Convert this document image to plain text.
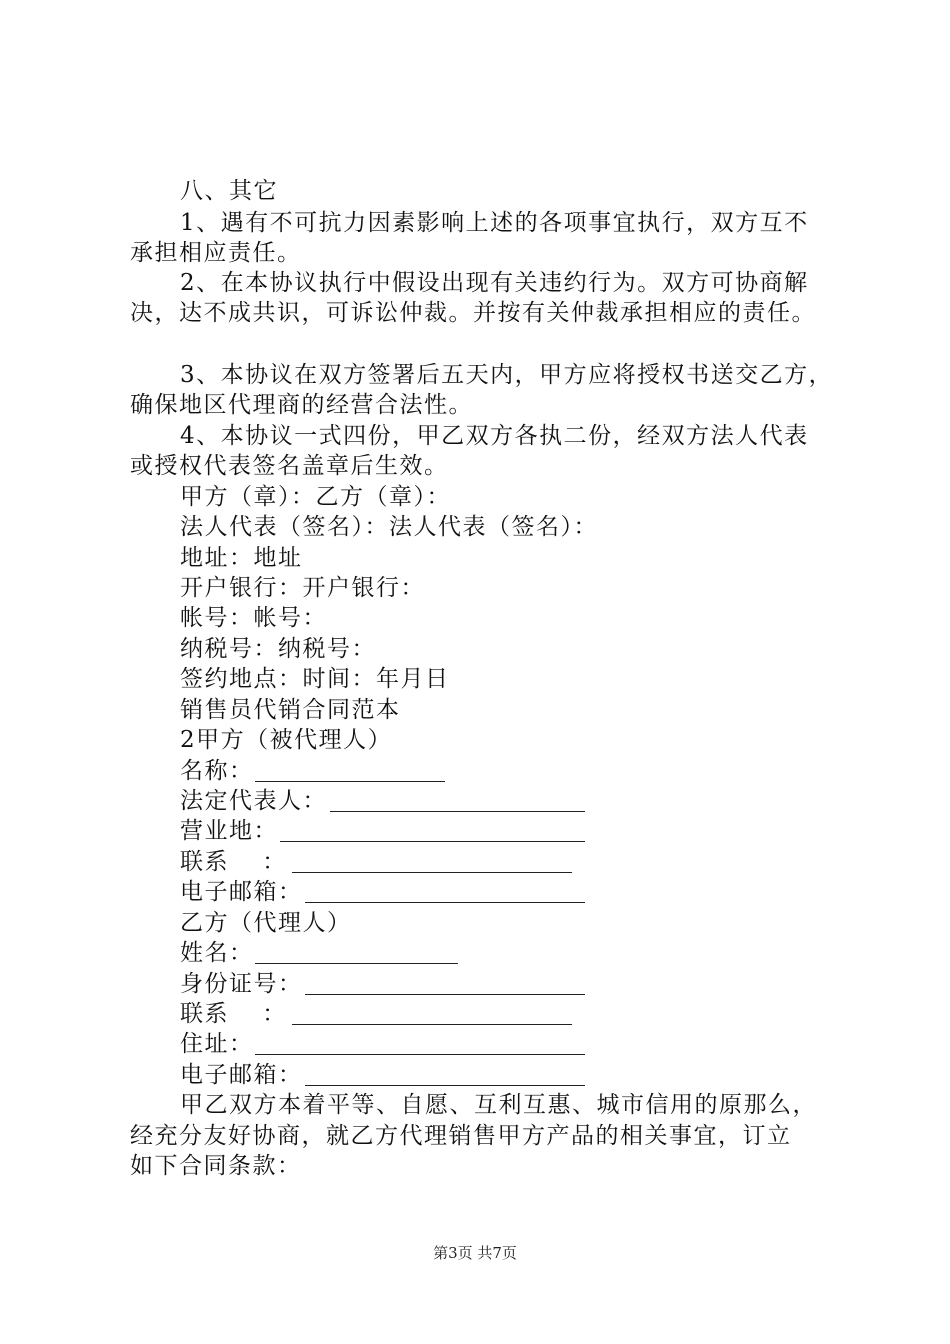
八、其它
1、遇有不可抗力因素影响上述的各项事宜执行，双方互不
承担相应责任。
2、在本协议执行中假设出现有关违约行为。双方可协商解
决，达不成共识，可诉讼仲裁。并按有关仲裁承担相应的责任。
3、本协议在双方签署后五天内，甲方应将授权书送交乙方，
确保地区代理商的经营合法性。
4、本协议一式四份，甲乙双方各执二份，经双方法人代表
或授权代表签名盖章后生效。
甲方（章）：乙方（章）：
法人代表（签名）：法人代表（签名）：
地址：地址
开户银行：开户银行：
帐号：帐号：
纳税号：纳税号：
签约地点：时间：年月日
销售员代销合同范本
2甲方（被代理人）
名称：
法定代表人：
营业地：
联系　 ：
电子邮箱：
乙方（代理人）
姓名：
身份证号：
联系　 ：
住址：
电子邮箱：
甲乙双方本着平等、自愿、互利互惠、城市信用的原那么，
经充分友好协商，就乙方代理销售甲方产品的相关事宜，订立
如下合同条款：
第3页 共7页
